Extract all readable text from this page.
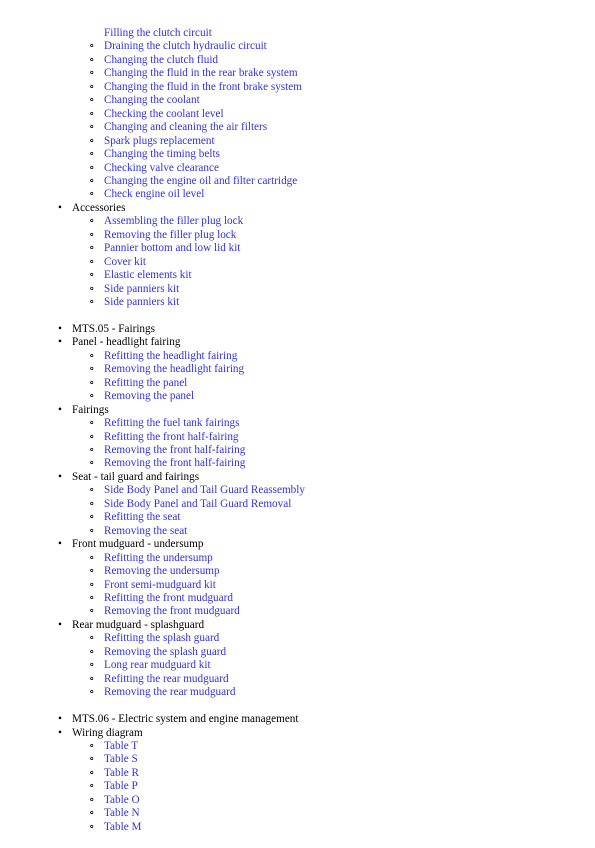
Filling the clutch circuit
∘ Draining the clutch hydraulic circuit
∘ Changing the clutch fluid
∘ Changing the fluid in the rear brake system
∘ Changing the fluid in the front brake system
∘ Changing the coolant
∘ Checking the coolant level
∘ Changing and cleaning the air filters
∘ Spark plugs replacement
∘ Changing the timing belts
∘ Checking valve clearance
∘ Changing the engine oil and filter cartridge
∘ Check engine oil level
• Accessories
∘ Assembling the filler plug lock
∘ Removing the filler plug lock
∘ Pannier bottom and low lid kit
∘ Cover kit
∘ Elastic elements kit
∘ Side panniers kit
∘ Side panniers kit
• MTS.05 - Fairings
• Panel - headlight fairing
∘ Refitting the headlight fairing
∘ Removing the headlight fairing
∘ Refitting the panel
∘ Removing the panel
• Fairings
∘ Refitting the fuel tank fairings
∘ Refitting the front half-fairing
∘ Removing the front half-fairing
∘ Removing the front half-fairing
• Seat - tail guard and fairings
∘ Side Body Panel and Tail Guard Reassembly
∘ Side Body Panel and Tail Guard Removal
∘ Refitting the seat
∘ Removing the seat
• Front mudguard - undersump
∘ Refitting the undersump
∘ Removing the undersump
∘ Front semi-mudguard kit
∘ Refitting the front mudguard
∘ Removing the front mudguard
• Rear mudguard - splashguard
∘ Refitting the splash guard
∘ Removing the splash guard
∘ Long rear mudguard kit
∘ Refitting the rear mudguard
∘ Removing the rear mudguard
• MTS.06 - Electric system and engine management
• Wiring diagram
∘ Table T
∘ Table S
∘ Table R
∘ Table P
∘ Table O
∘ Table N
∘ Table M
